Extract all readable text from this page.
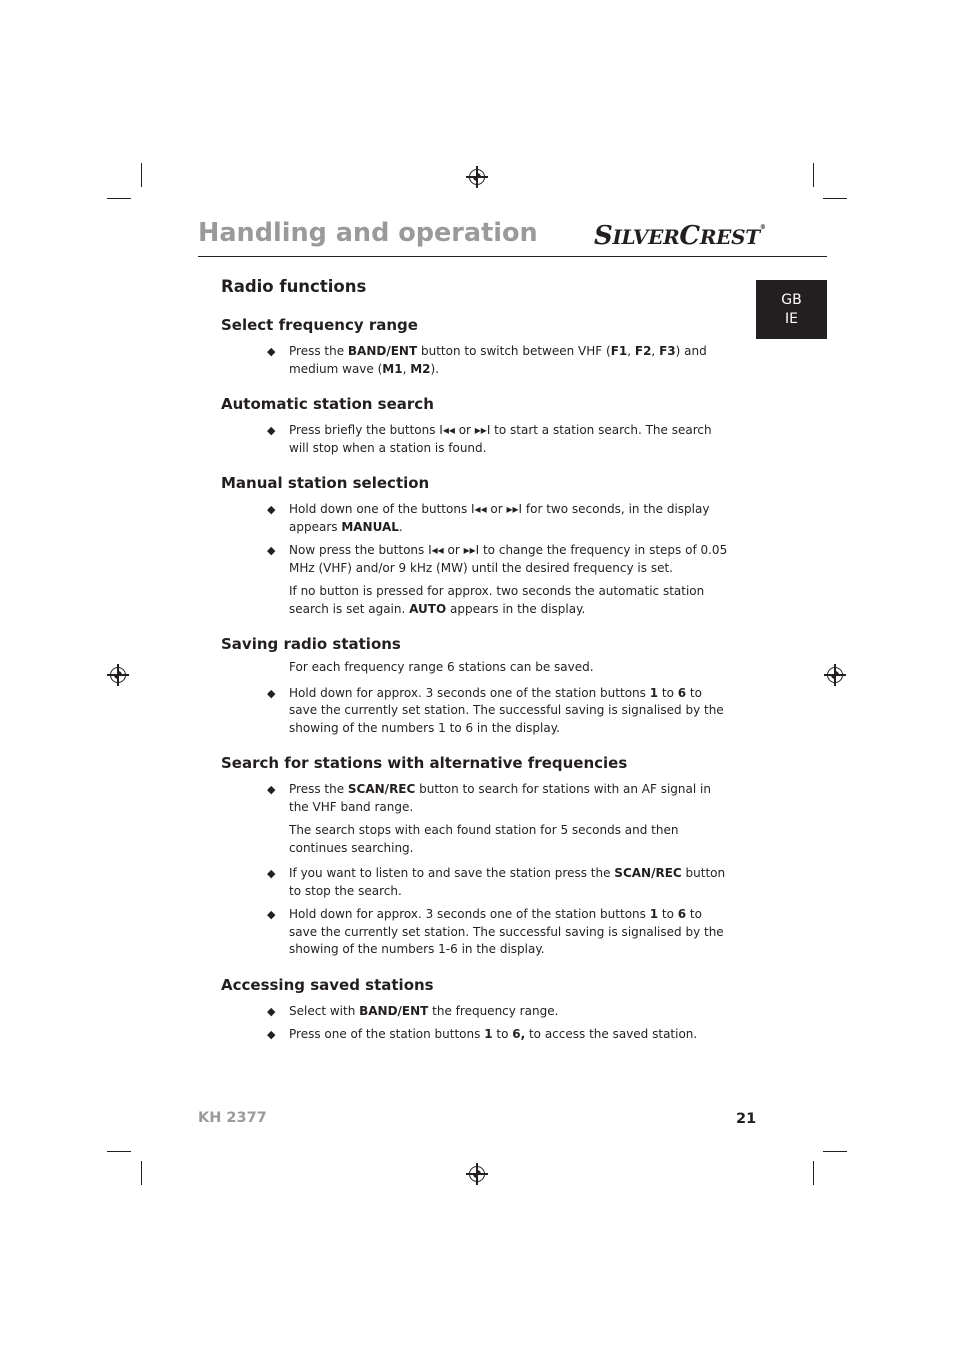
Handling and operation SILVERCREST®
GB
IE
Radio functions
Select frequency range
◆ Press the BAND/ENT button to switch between VHF (F1, F2, F3) and medium wave (M1, M2).
Automatic station search
◆ Press briefly the buttons I◂◂ or ▸▸I to start a station search. The search will stop when a station is found.
Manual station selection
◆ Hold down one of the buttons I◂◂ or ▸▸I for two seconds, in the display appears MANUAL.
◆ Now press the buttons I◂◂ or ▸▸I to change the frequency in steps of 0.05 MHz (VHF) and/or 9 kHz (MW) until the desired frequency is set.

If no button is pressed for approx. two seconds the automatic station search is set again. AUTO appears in the display.

Saving radio stations

For each frequency range 6 stations can be saved.

◆ Hold down for approx. 3 seconds one of the station buttons 1 to 6 to save the currently set station. The successful saving is signalised by the showing of the numbers 1 to 6 in the display.
Search for stations with alternative frequencies
◆ Press the SCAN/REC button to search for stations with an AF signal in the VHF band range.

The search stops with each found station for 5 seconds and then continues searching.

◆ If you want to listen to and save the station press the SCAN/REC button to stop the search.
◆ Hold down for approx. 3 seconds one of the station buttons 1 to 6 to save the currently set station. The successful saving is signalised by the showing of the numbers 1-6 in the display.
Accessing saved stations
◆ Select with BAND/ENT the frequency range.
◆ Press one of the station buttons 1 to 6, to access the saved station.
KH 2377	21
